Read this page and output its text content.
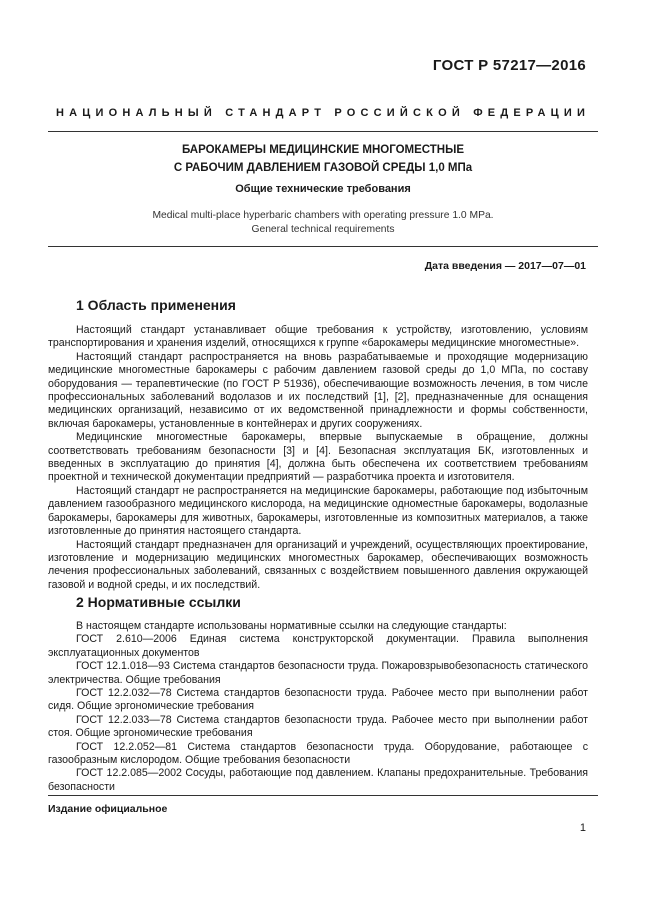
ГОСТ Р 57217—2016
НАЦИОНАЛЬНЫЙ СТАНДАРТ РОССИЙСКОЙ ФЕДЕРАЦИИ
БАРОКАМЕРЫ МЕДИЦИНСКИЕ МНОГОМЕСТНЫЕ
С РАБОЧИМ ДАВЛЕНИЕМ ГАЗОВОЙ СРЕДЫ 1,0 МПа
Общие технические требования
Medical multi-place hyperbaric chambers with operating pressure 1.0 MPa.
General technical requirements
Дата введения — 2017—07—01
1 Область применения

Настоящий стандарт устанавливает общие требования к устройству, изготовлению, условиям транспортирования и хранения изделий, относящихся к группе «барокамеры медицинские многоместные».

Настоящий стандарт распространяется на вновь разрабатываемые и проходящие модернизацию медицинские многоместные барокамеры с рабочим давлением газовой среды до 1,0 МПа, по составу оборудования — терапевтические (по ГОСТ Р 51936), обеспечивающие возможность лечения, в том числе профессиональных заболеваний водолазов и их последствий [1], [2], предназначенные для оснащения медицинских организаций, независимо от их ведомственной принадлежности и формы собственности, включая барокамеры, установленные в контейнерах и других сооружениях.

Медицинские многоместные барокамеры, впервые выпускаемые в обращение, должны соответствовать требованиям безопасности [3] и [4]. Безопасная эксплуатация БК, изготовленных и введенных в эксплуатацию до принятия [4], должна быть обеспечена их соответствием требованиям проектной и технической документации предприятий — разработчика проекта и изготовителя.

Настоящий стандарт не распространяется на медицинские барокамеры, работающие под избыточным давлением газообразного медицинского кислорода, на медицинские одноместные барокамеры, водолазные барокамеры, барокамеры для животных, барокамеры, изготовленные из композитных материалов, а также изготовленные до принятия настоящего стандарта.

Настоящий стандарт предназначен для организаций и учреждений, осуществляющих проектирование, изготовление и модернизацию медицинских многоместных барокамер, обеспечивающих возможность лечения профессиональных заболеваний, связанных с воздействием повышенного давления окружающей газовой и водной среды, и их последствий.

2 Нормативные ссылки

В настоящем стандарте использованы нормативные ссылки на следующие стандарты:

ГОСТ 2.610—2006 Единая система конструкторской документации. Правила выполнения эксплуатационных документов

ГОСТ 12.1.018—93 Система стандартов безопасности труда. Пожаровзрывобезопасность статического электричества. Общие требования

ГОСТ 12.2.032—78 Система стандартов безопасности труда. Рабочее место при выполнении работ сидя. Общие эргономические требования

ГОСТ 12.2.033—78 Система стандартов безопасности труда. Рабочее место при выполнении работ стоя. Общие эргономические требования

ГОСТ 12.2.052—81 Система стандартов безопасности труда. Оборудование, работающее с газообразным кислородом. Общие требования безопасности

ГОСТ 12.2.085—2002 Сосуды, работающие под давлением. Клапаны предохранительные. Требования безопасности

Издание официальное
1
